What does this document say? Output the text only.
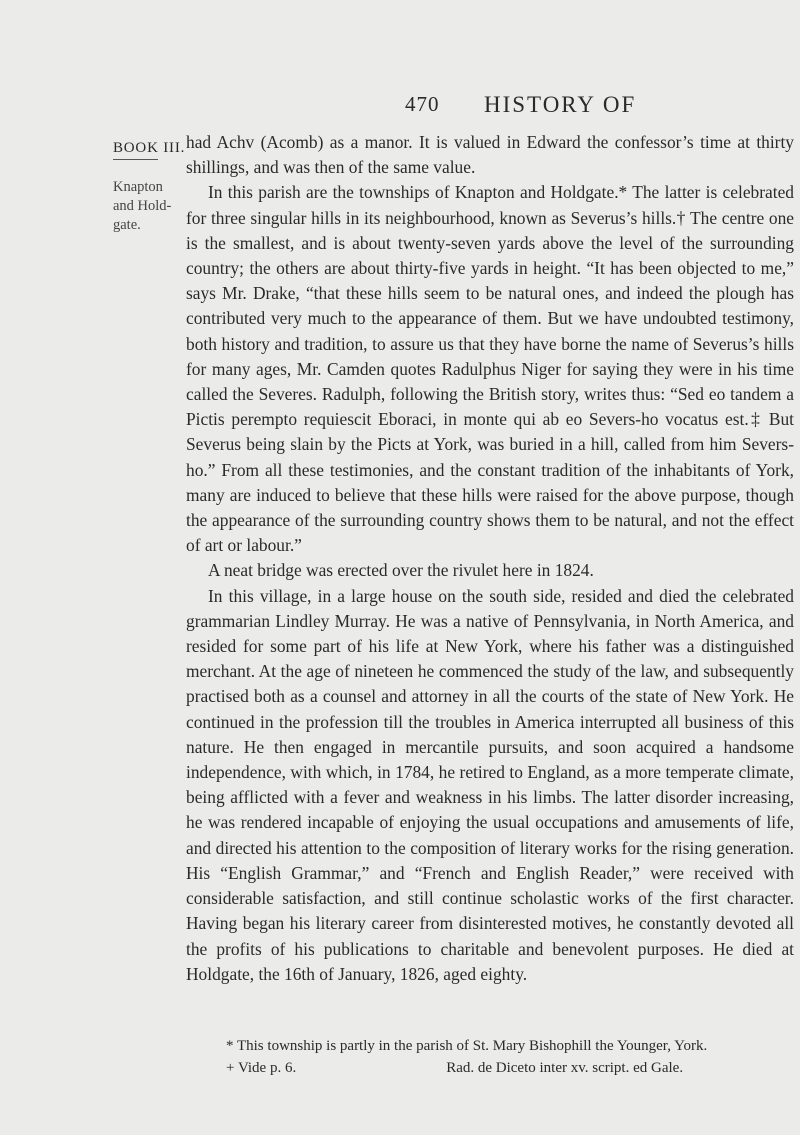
470 HISTORY OF
BOOK III.
Knapton
and Hold-
gate.

had Achv (Acomb) as a manor. It is valued in Edward the confessor’s time at thirty shillings, and was then of the same value.

In this parish are the townships of Knapton and Holdgate.* The latter is celebrated for three singular hills in its neighbourhood, known as Severus’s hills.† The centre one is the smallest, and is about twenty-seven yards above the level of the surrounding country; the others are about thirty-five yards in height. “It has been objected to me,” says Mr. Drake, “that these hills seem to be natural ones, and indeed the plough has contributed very much to the appearance of them. But we have undoubted testimony, both history and tradition, to assure us that they have borne the name of Severus’s hills for many ages, Mr. Camden quotes Radulphus Niger for saying they were in his time called the Severes. Radulph, following the British story, writes thus: “Sed eo tandem a Pictis perempto requiescit Eboraci, in monte qui ab eo Severs-ho vocatus est.‡ But Severus being slain by the Picts at York, was buried in a hill, called from him Severs-ho.” From all these testimonies, and the constant tradition of the inhabitants of York, many are induced to believe that these hills were raised for the above purpose, though the appearance of the surrounding country shows them to be natural, and not the effect of art or labour.”

A neat bridge was erected over the rivulet here in 1824.

In this village, in a large house on the south side, resided and died the celebrated grammarian Lindley Murray. He was a native of Pennsylvania, in North America, and resided for some part of his life at New York, where his father was a distinguished merchant. At the age of nineteen he commenced the study of the law, and subsequently practised both as a counsel and attorney in all the courts of the state of New York. He continued in the profession till the troubles in America interrupted all business of this nature. He then engaged in mercantile pursuits, and soon acquired a handsome independence, with which, in 1784, he retired to England, as a more temperate climate, being afflicted with a fever and weakness in his limbs. The latter disorder increasing, he was rendered incapable of enjoying the usual occupations and amusements of life, and directed his attention to the composition of literary works for the rising generation. His “English Grammar,” and “French and English Reader,” were received with considerable satisfaction, and still continue scholastic works of the first character. Having began his literary career from disinterested motives, he constantly devoted all the profits of his publications to charitable and benevolent purposes. He died at Holdgate, the 16th of January, 1826, aged eighty.

* This township is partly in the parish of St. Mary Bishophill the Younger, York.

+ Vide p. 6.	Rad. de Diceto inter xv. script. ed Gale.
